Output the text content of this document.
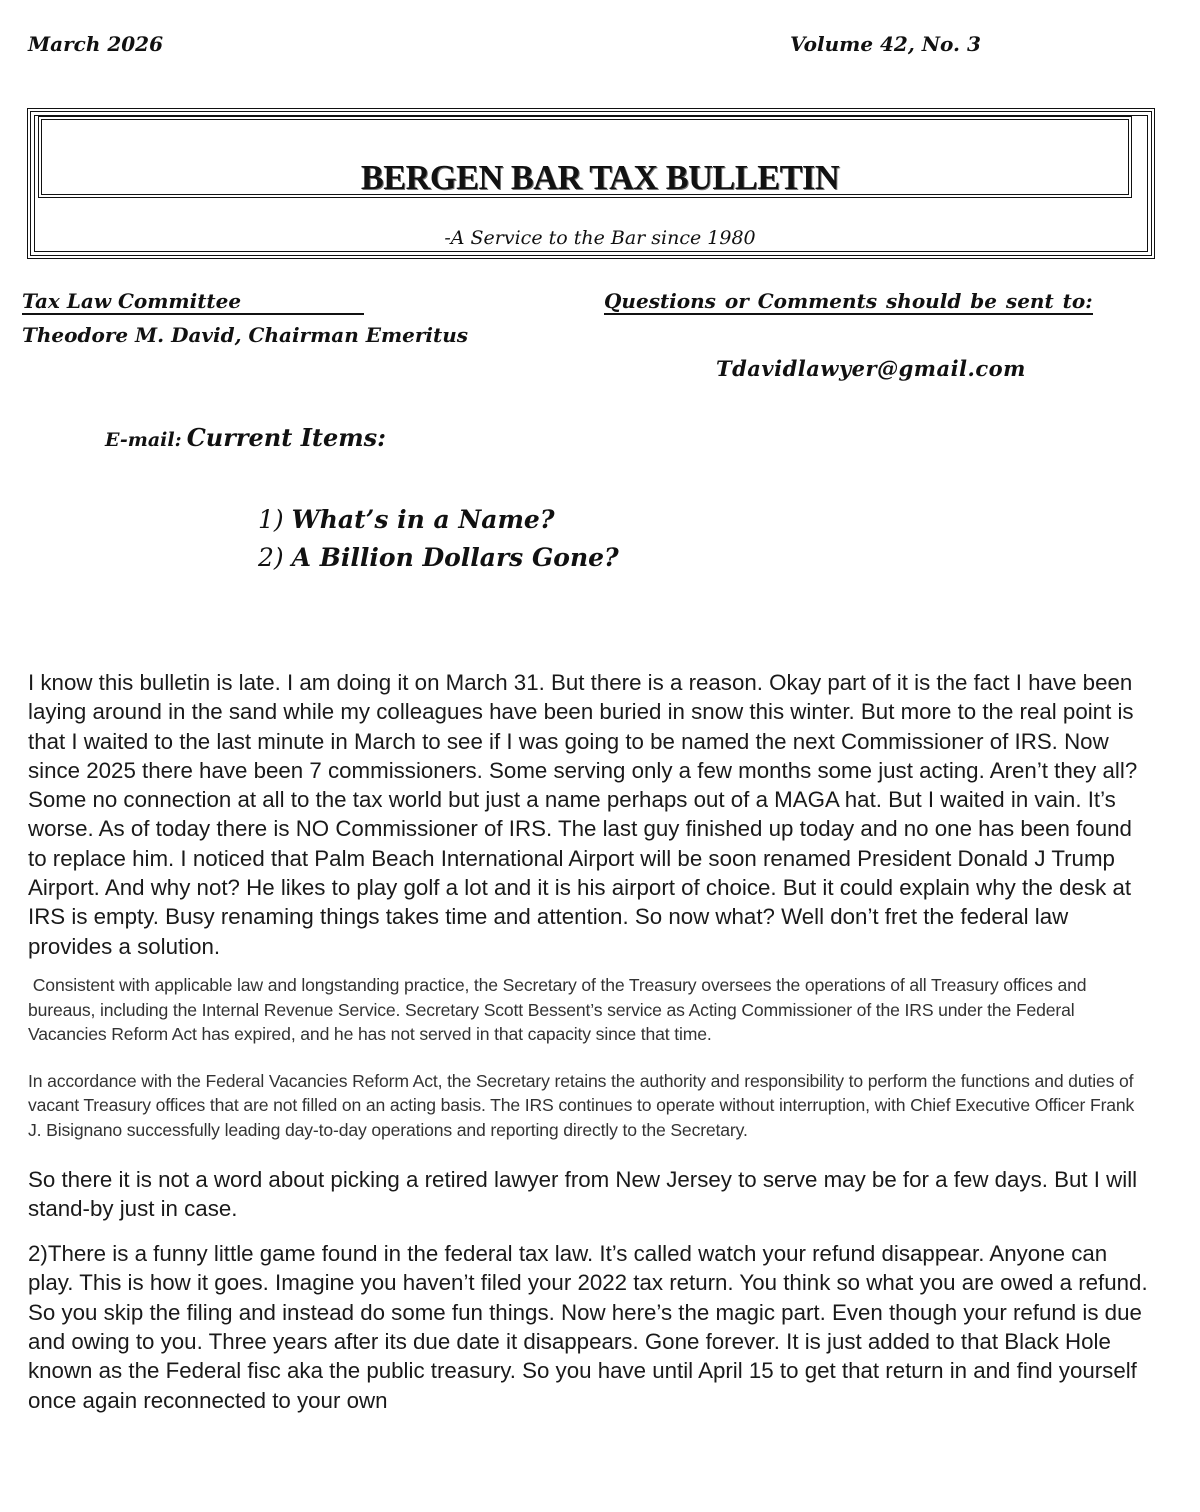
March 2026	Volume 42, No. 3
BERGEN BAR TAX BULLETIN
-A Service to the Bar since 1980
Tax Law Committee
Theodore M. David, Chairman Emeritus
Questions or Comments should be sent to:
Tdavidlawyer@gmail.com
E-mail: Current Items:
1) What’s in a Name?
2) A Billion Dollars Gone?

I know this bulletin is late. I am doing it on March 31. But there is a reason. Okay part of it is the fact I have been laying around in the sand while my colleagues have been buried in snow this winter. But more to the real point is that I waited to the last minute in March to see if I was going to be named the next Commissioner of IRS. Now since 2025 there have been 7 commissioners. Some serving only a few months some just acting. Aren’t they all? Some no connection at all to the tax world but just a name perhaps out of a MAGA hat. But I waited in vain. It’s worse. As of today there is NO Commissioner of IRS. The last guy finished up today and no one has been found to replace him. I noticed that Palm Beach International Airport will be soon renamed President Donald J Trump Airport. And why not? He likes to play golf a lot and it is his airport of choice. But it could explain why the desk at IRS is empty. Busy renaming things takes time and attention. So now what? Well don’t fret the federal law provides a solution.

Consistent with applicable law and longstanding practice, the Secretary of the Treasury oversees the operations of all Treasury offices and bureaus, including the Internal Revenue Service. Secretary Scott Bessent’s service as Acting Commissioner of the IRS under the Federal Vacancies Reform Act has expired, and he has not served in that capacity since that time.

In accordance with the Federal Vacancies Reform Act, the Secretary retains the authority and responsibility to perform the functions and duties of vacant Treasury offices that are not filled on an acting basis. The IRS continues to operate without interruption, with Chief Executive Officer Frank J. Bisignano successfully leading day-to-day operations and reporting directly to the Secretary.

So there it is not a word about picking a retired lawyer from New Jersey to serve may be for a few days. But I will stand-by just in case.

2)There is a funny little game found in the federal tax law. It’s called watch your refund disappear. Anyone can play. This is how it goes. Imagine you haven’t filed your 2022 tax return. You think so what you are owed a refund. So you skip the filing and instead do some fun things. Now here’s the magic part. Even though your refund is due and owing to you. Three years after its due date it disappears. Gone forever. It is just added to that Black Hole known as the Federal fisc aka the public treasury. So you have until April 15 to get that return in and find yourself once again reconnected to your own
